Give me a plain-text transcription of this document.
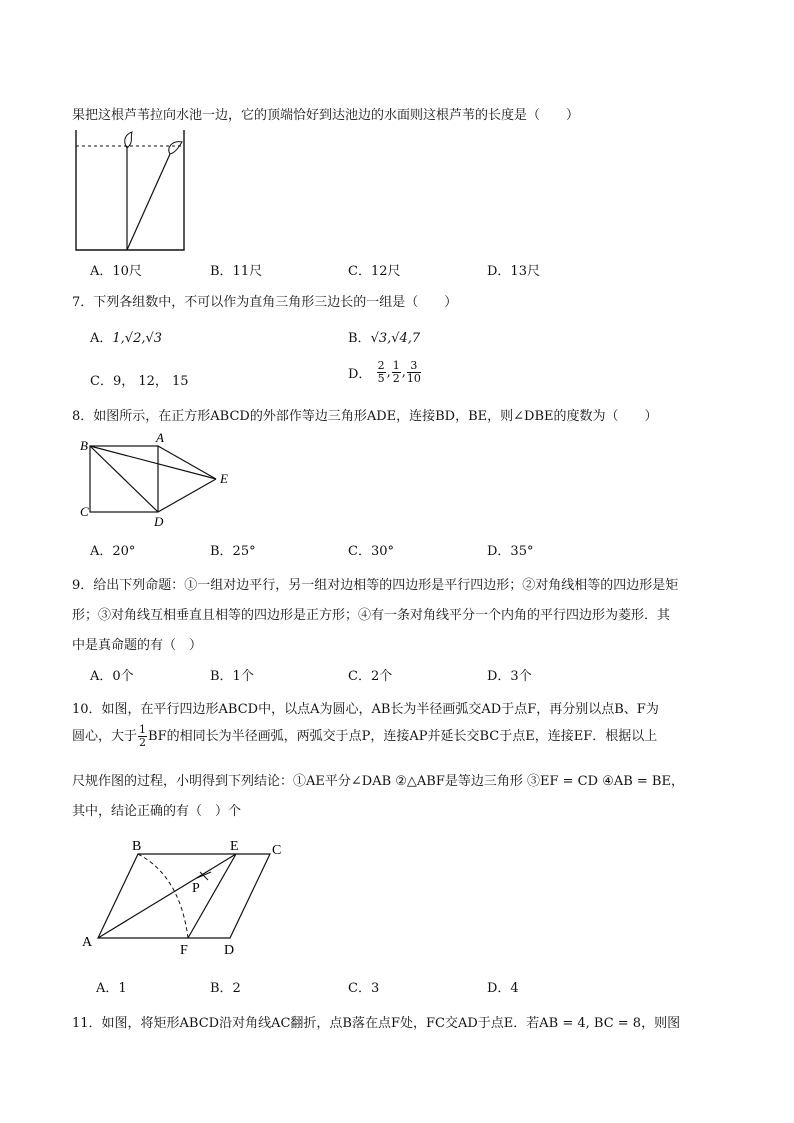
果把这根芦苇拉向水池一边，它的顶端恰好到达池边的水面则这根芦苇的长度是（　　）
A．10尺	B．11尺	C．12尺	D．13尺
7．下列各组数中，不可以作为直角三角形三边长的一组是（　　）
A．1,√2,√3	B．√3,√4,7
C．9， 12， 15	D． $\frac{2}{5}$ , $\frac{1}{2}$ , $\frac{3}{10}$
8．如图所示，在正方形ABCD的外部作等边三角形ADE，连接BD，BE，则∠DBE的度数为（　　）
B
A
C
D
E
A．20°	B．25°	C．30°	D．35°
9．给出下列命题：①一组对边平行，另一组对边相等的四边形是平行四边形；②对角线相等的四边形是矩
形；③对角线互相垂直且相等的四边形是正方形；④有一条对角线平分一个内角的平行四边形为菱形．其
中是真命题的有（　）
A．0个	B．1个	C．2个	D．3个
10．如图，在平行四边形ABCD中，以点A为圆心，AB长为半径画弧交AD于点F，再分别以点B、F为
圆心，大于 $\frac{1}{2}$ BF的相同长为半径画弧，两弧交于点P，连接AP并延长交BC于点E，连接EF．根据以上
尺规作图的过程，小明得到下列结论：①AE平分∠DAB ②△ABF是等边三角形 ③EF = CD ④AB = BE，
其中，结论正确的有（　）个
B	E C
P
A
F	D
A．1	B．2	C．3	D．4
11．如图，将矩形ABCD沿对角线AC翻折，点B落在点F处，FC交AD于点E．若AB = 4, BC = 8，则图
